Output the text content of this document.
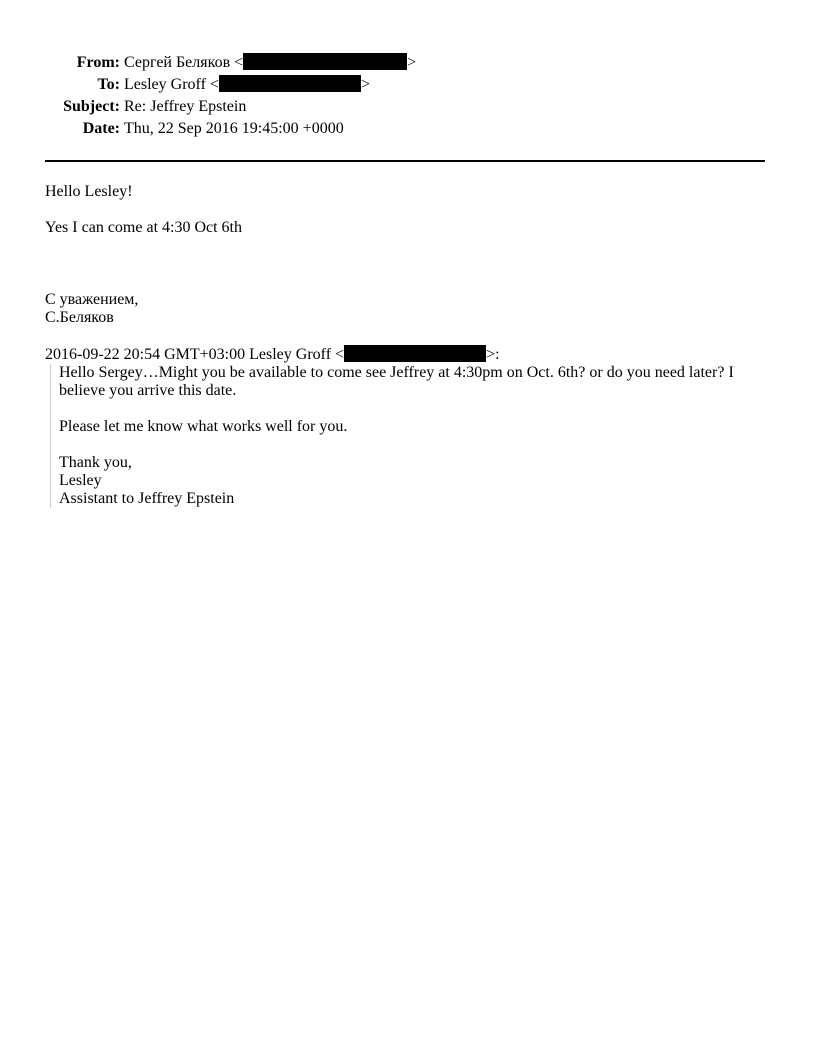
From: Сергей Беляков <	>
To: Lesley Groff <	>
Subject: Re: Jeffrey Epstein
Date: Thu, 22 Sep 2016 19:45:00 +0000
Hello Lesley!
Yes I can come at 4:30 Oct 6th
С уважением,
С.Беляков
2016-09-22 20:54 GMT+03:00 Lesley Groff <	>:

Hello Sergey…Might you be available to come see Jeffrey at 4:30pm on Oct. 6th? or do you need later? I
believe you arrive this date.

Please let me know what works well for you.

Thank you,
Lesley
Assistant to Jeffrey Epstein
